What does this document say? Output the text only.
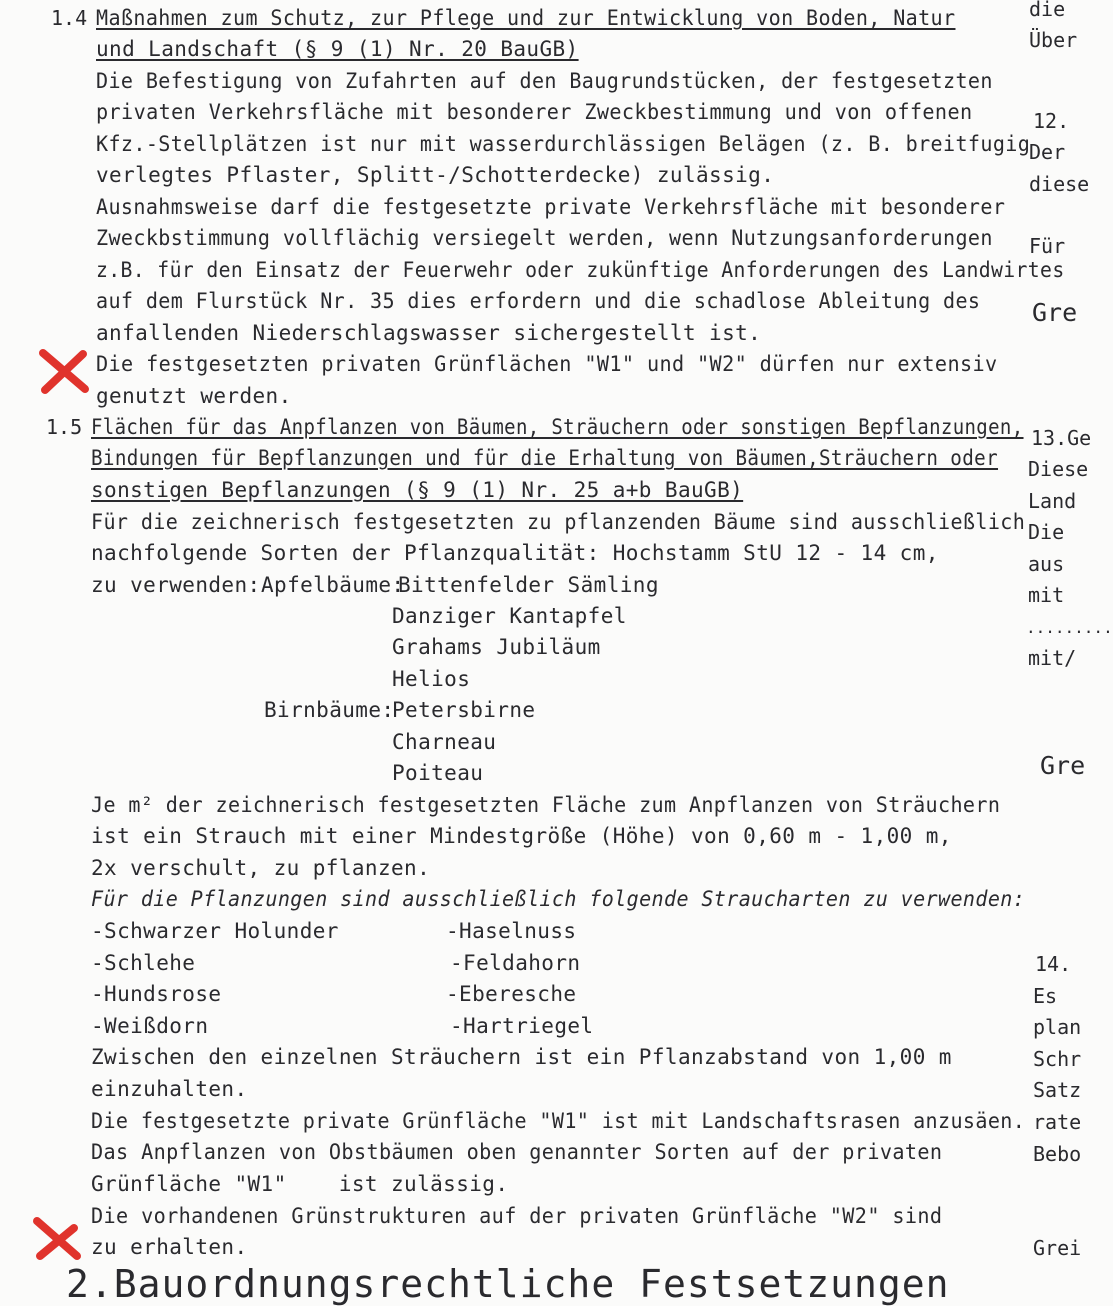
1.4 Maßnahmen zum Schutz, zur Pflege und zur Entwicklung von Boden, Natur
und Landschaft (§ 9 (1) Nr. 20 BauGB)
Die Befestigung von Zufahrten auf den Baugrundstücken, der festgesetzten
privaten Verkehrsfläche mit besonderer Zweckbestimmung und von offenen
Kfz.-Stellplätzen ist nur mit wasserdurchlässigen Belägen (z. B. breitfugig
verlegtes Pflaster, Splitt-/Schotterdecke) zulässig.
Ausnahmsweise darf die festgesetzte private Verkehrsfläche mit besonderer
Zweckbstimmung vollflächig versiegelt werden, wenn Nutzungsanforderungen
z.B. für den Einsatz der Feuerwehr oder zukünftige Anforderungen des Landwirtes
auf dem Flurstück Nr. 35 dies erfordern und die schadlose Ableitung des
anfallenden Niederschlagswasser sichergestellt ist.
Die festgesetzten privaten Grünflächen "W1" und "W2" dürfen nur extensiv
genutzt werden.
1.5 Flächen für das Anpflanzen von Bäumen, Sträuchern oder sonstigen Bepflanzungen,
Bindungen für Bepflanzungen und für die Erhaltung von Bäumen,Sträuchern oder
sonstigen Bepflanzungen (§ 9 (1) Nr. 25 a+b BauGB)
Für die zeichnerisch festgesetzten zu pflanzenden Bäume sind ausschließlich
nachfolgende Sorten der Pflanzqualität: Hochstamm StU 12 - 14 cm,
zu verwenden: Apfelbäume:
Bittenfelder Sämling
Danziger Kantapfel
Grahams Jubiläum
Helios
Birnbäume:
Petersbirne
Charneau
Poiteau
Je m² der zeichnerisch festgesetzten Fläche zum Anpflanzen von Sträuchern
ist ein Strauch mit einer Mindestgröße (Höhe) von 0,60 m - 1,00 m,
2x verschult, zu pflanzen.
Für die Pflanzungen sind ausschließlich folgende Straucharten zu verwenden:
-Schwarzer Holunder
-Schlehe
-Hundsrose
-Weißdorn
-Haselnuss
-Feldahorn
-Eberesche
-Hartriegel
Zwischen den einzelnen Sträuchern ist ein Pflanzabstand von 1,00 m
einzuhalten.
Die festgesetzte private Grünfläche "W1" ist mit Landschaftsrasen anzusäen.
Das Anpflanzen von Obstbäumen oben genannter Sorten auf der privaten
Grünfläche "W1"    ist zulässig.
Die vorhandenen Grünstrukturen auf der privaten Grünfläche "W2" sind
zu erhalten.
2.Bauordnungsrechtliche Festsetzungen
die
Über
12.
Der
diese
Für
Gre
13.Ge
Diese
Land
Die
aus
mit
.........
mit/
Gre
14.
Es
plan
Schr
Satz
rate
Bebo
Grei
